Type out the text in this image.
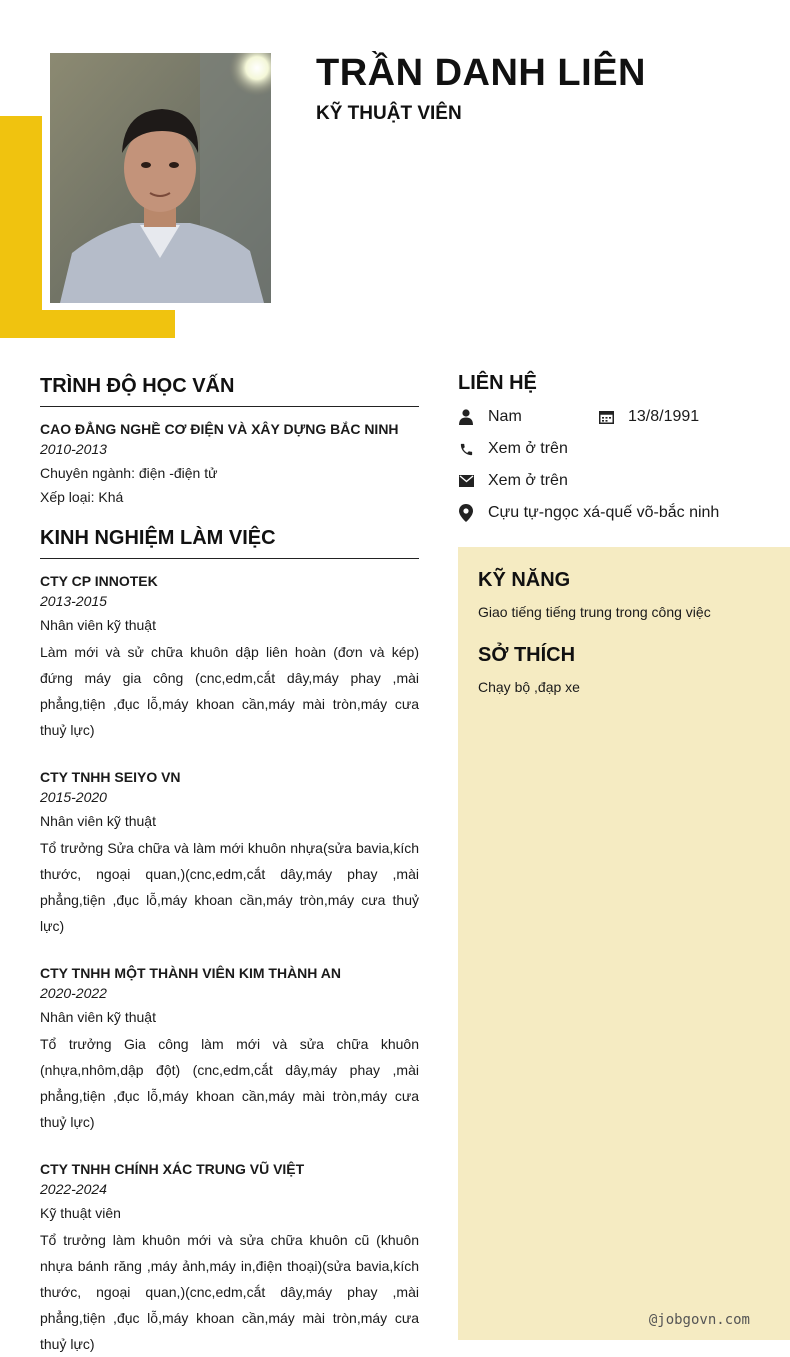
TRẦN DANH LIÊN
KỸ THUẬT VIÊN
TRÌNH ĐỘ HỌC VẤN

CAO ĐẲNG NGHỀ CƠ ĐIỆN VÀ XÂY DỰNG BẮC NINH

2010-2013

Chuyên ngành: điện -điện tử

Xếp loại: Khá

KINH NGHIỆM LÀM VIỆC

CTY CP INNOTEK

2013-2015

Nhân viên kỹ thuật

Làm mới và sử chữa khuôn dập liên hoàn (đơn và kép) đứng máy gia công (cnc,edm,cắt dây,máy phay ,mài phẳng,tiện ,đục lỗ,máy khoan cần,máy mài tròn,máy cưa thuỷ lực)

CTY TNHH SEIYO VN

2015-2020

Nhân viên kỹ thuật

Tổ trưởng Sửa chữa và làm mới khuôn nhựa(sửa bavia,kích thước, ngoại quan,)(cnc,edm,cắt dây,máy phay ,mài phẳng,tiện ,đục lỗ,máy khoan cần,máy tròn,máy cưa thuỷ lực)

CTY TNHH MỘT THÀNH VIÊN KIM THÀNH AN

2020-2022

Nhân viên kỹ thuật

Tổ trưởng Gia công làm mới và sửa chữa khuôn (nhựa,nhôm,dập đột) (cnc,edm,cắt dây,máy phay ,mài phẳng,tiện ,đục lỗ,máy khoan cần,máy mài tròn,máy cưa thuỷ lực)

CTY TNHH CHÍNH XÁC TRUNG VŨ VIỆT

2022-2024

Kỹ thuật viên

Tổ trưởng làm khuôn mới và sửa chữa khuôn cũ (khuôn nhựa bánh răng ,máy ảnh,máy in,điện thoại)(sửa bavia,kích thước, ngoại quan,)(cnc,edm,cắt dây,máy phay ,mài phẳng,tiện ,đục lỗ,máy khoan cần,máy mài tròn,máy cưa thuỷ lực)

LIÊN HỆ
Nam	13/8/1991
Xem ở trên
Xem ở trên
Cựu tự-ngọc xá-quế võ-bắc ninh
KỸ NĂNG

Giao tiếng tiếng trung trong công việc

SỞ THÍCH

Chạy bộ ,đạp xe

@jobgovn.com
